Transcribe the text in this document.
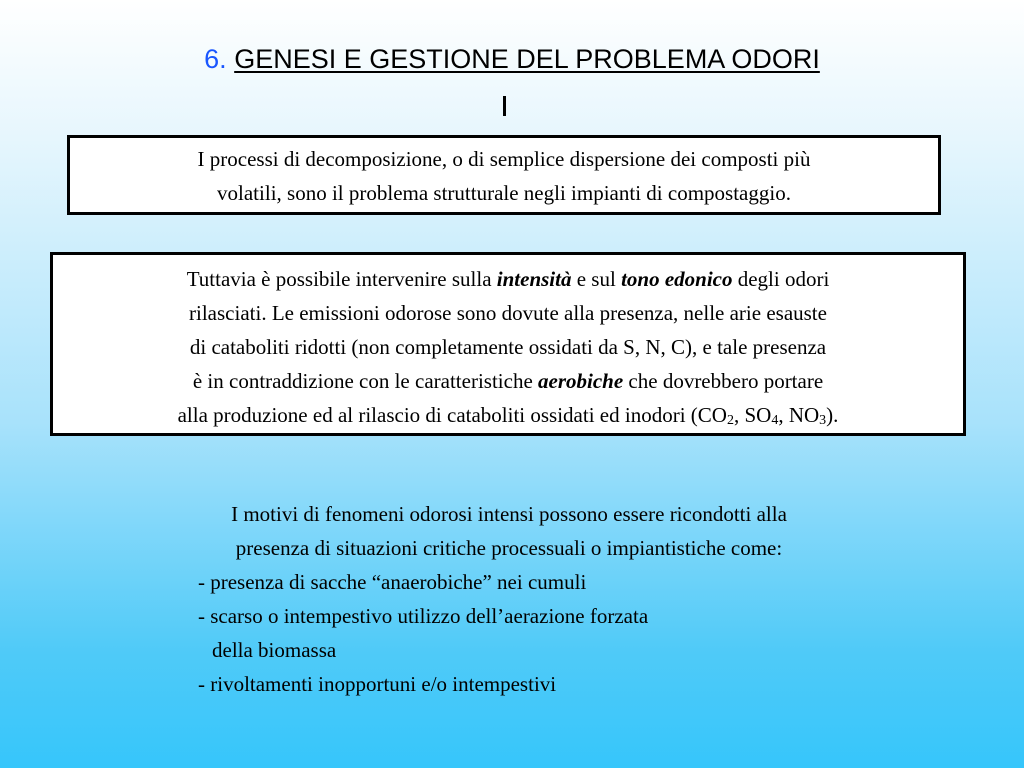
6. GENESI E GESTIONE DEL PROBLEMA ODORI

I processi di decomposizione, o di semplice dispersione dei composti più

volatili, sono il problema strutturale negli impianti di compostaggio.

Tuttavia è possibile intervenire sulla intensità e sul tono edonico degli odori

rilasciati. Le emissioni odorose sono dovute alla presenza, nelle arie esauste

di cataboliti ridotti (non completamente ossidati da S, N, C), e tale presenza

è in contraddizione con le caratteristiche aerobiche che dovrebbero portare

alla produzione ed al rilascio di cataboliti ossidati ed inodori ($CO_2$, $SO_4$, $NO_3$).

I motivi di fenomeni odorosi intensi possono essere ricondotti alla

presenza di situazioni critiche processuali o impiantistiche come:

- presenza di sacche “anaerobiche” nei cumuli
- scarso o intempestivo utilizzo dell’aerazione forzata
della biomassa
- rivoltamenti inopportuni e/o intempestivi
